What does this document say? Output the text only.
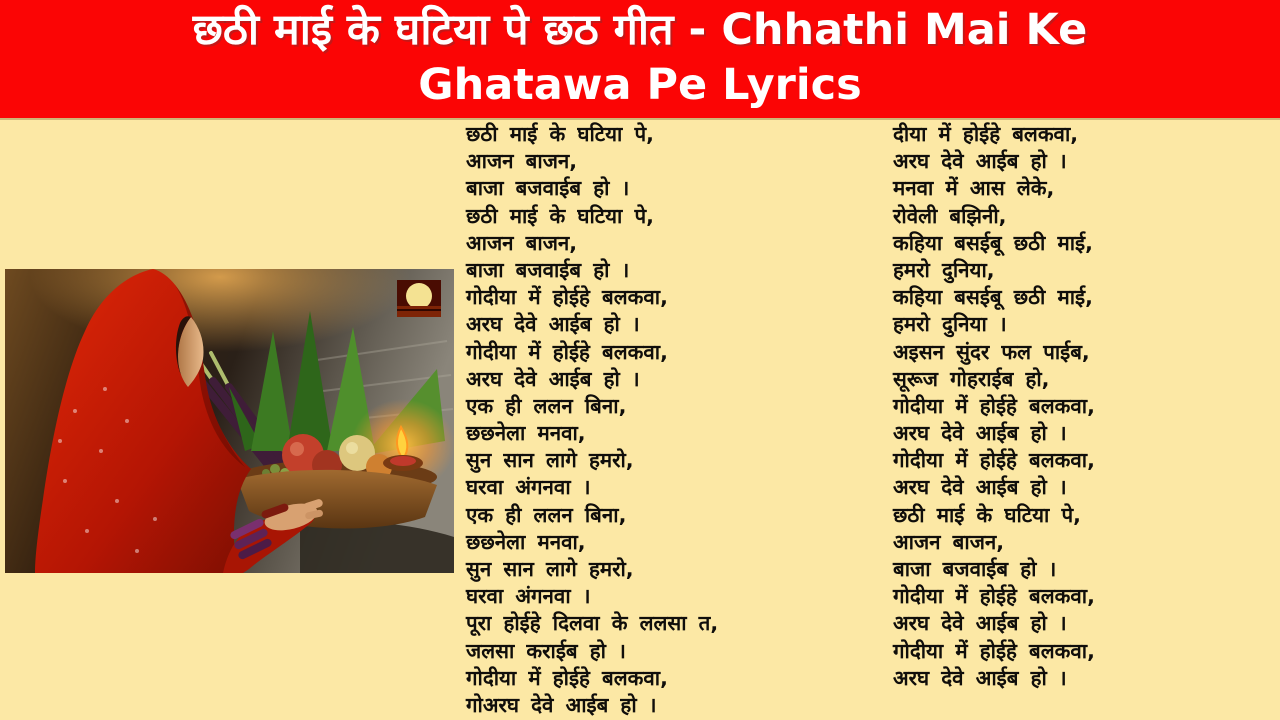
छठी माई के घटिया पे छठ गीत - Chhathi Mai Ke
Ghatawa Pe Lyrics
छठी माई के घटिया पे,
आजन बाजन,
बाजा बजवाईब हो ।
छठी माई के घटिया पे,
आजन बाजन,
बाजा बजवाईब हो ।
गोदीया में होईहे बलकवा,
अरघ देवे आईब हो ।
गोदीया में होईहे बलकवा,
अरघ देवे आईब हो ।
एक ही ललन बिना,
छछनेला मनवा,
सुन सान लागे हमरो,
घरवा अंगनवा ।
एक ही ललन बिना,
छछनेला मनवा,
सुन सान लागे हमरो,
घरवा अंगनवा ।
पूरा होईहे दिलवा के ललसा त,
जलसा कराईब हो ।
गोदीया में होईहे बलकवा,
गोअरघ देवे आईब हो ।
दीया में होईहे बलकवा,
अरघ देवे आईब हो ।
मनवा में आस लेके,
रोवेली बझिनी,
कहिया बसईबू छठी माई,
हमरो दुनिया,
कहिया बसईबू छठी माई,
हमरो दुनिया ।
अइसन सुंदर फल पाईब,
सूरूज गोहराईब हो,
गोदीया में होईहे बलकवा,
अरघ देवे आईब हो ।
गोदीया में होईहे बलकवा,
अरघ देवे आईब हो ।
छठी माई के घटिया पे,
आजन बाजन,
बाजा बजवाईब हो ।
गोदीया में होईहे बलकवा,
अरघ देवे आईब हो ।
गोदीया में होईहे बलकवा,
अरघ देवे आईब हो ।
